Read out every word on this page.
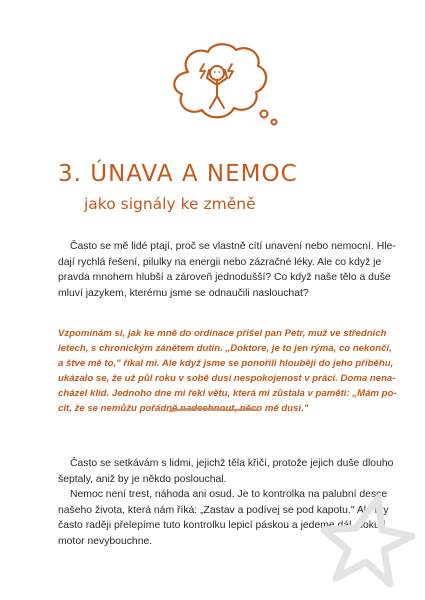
3. ÚNAVA A NEMOC
jako signály ke změně
Často se mě lidé ptají, proč se vlastně cítí unavení nebo nemocní. Hle-
dají rychlá řešení, pilulky na energii nebo zázračné léky. Ale co když je
pravda mnohem hlubší a zároveň jednodušší? Co když naše tělo a duše
mluví jazykem, kterému jsme se odnaučili naslouchat?
Vzpomínám si, jak ke mně do ordinace přišel pan Petr, muž ve středních
letech, s chronickým zánětem dutin. „Doktore, je to jen rýma, co nekončí,
a štve mě to," říkal mi. Ale když jsme se ponořili hlouběji do jeho příběhu,
ukázalo se, že už půl roku v sobě dusí nespokojenost v práci. Doma nena-
cházel klid. Jednoho dne mi řekl větu, která mi zůstala v paměti: „Mám po-
cit, že se nemůžu pořádně nadechnout, něco mě dusí."
Často se setkávám s lidmi, jejichž těla křičí, protože jejich duše dlouho
šeptaly, aniž by je někdo poslouchal.
Nemoc není trest, náhoda ani osud. Je to kontrolka na palubní desce
našeho života, která nám říká: „Zastav a podívej se pod kapotu." Ale my
často raději přelepíme tuto kontrolku lepicí páskou a jedeme dál, dokud
motor nevybouchne.
